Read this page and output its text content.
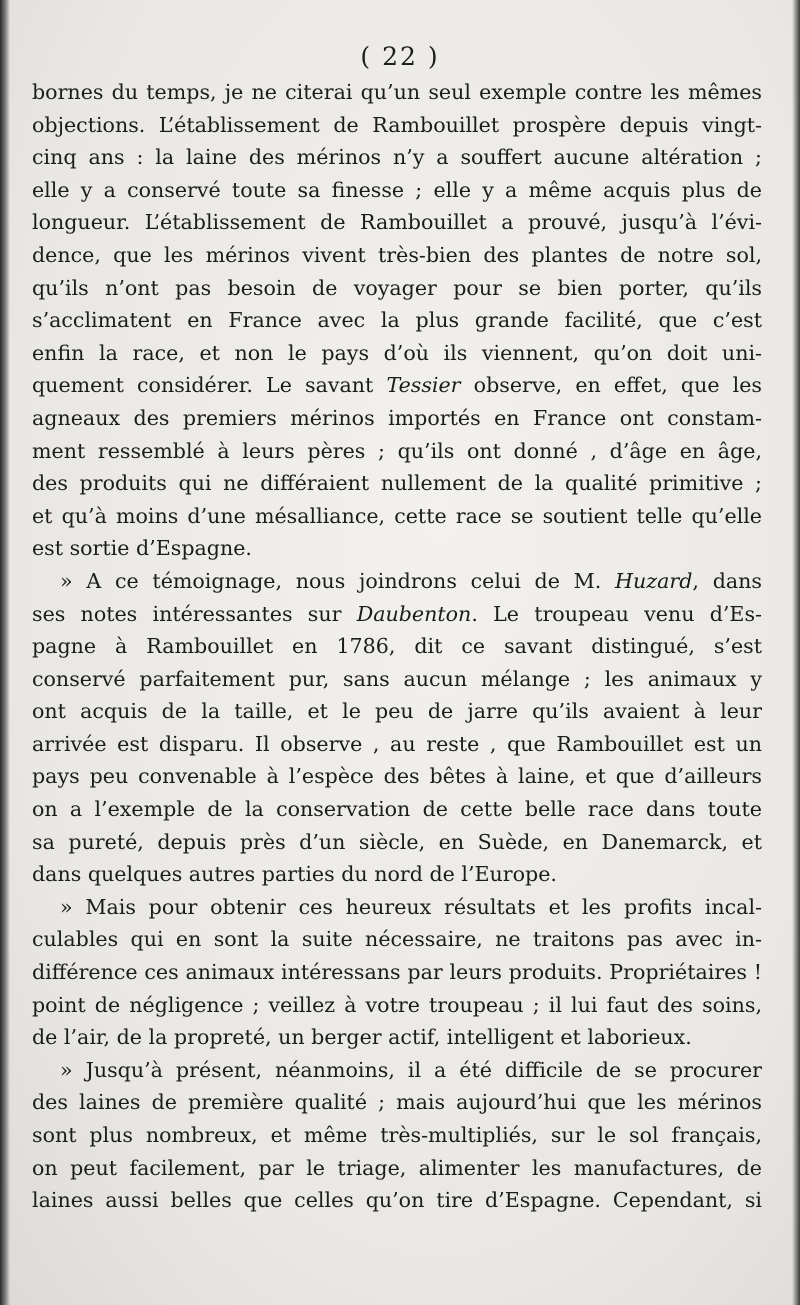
( 22 )
bornes du temps, je ne citerai qu’un seul exemple contre les mêmes
objections. L’établissement de Rambouillet prospère depuis vingt-
cinq ans : la laine des mérinos n’y a souffert aucune altération ;
elle y a conservé toute sa finesse ; elle y a même acquis plus de
longueur. L’établissement de Rambouillet a prouvé, jusqu’à l’évi-
dence, que les mérinos vivent très-bien des plantes de notre sol,
qu’ils n’ont pas besoin de voyager pour se bien porter, qu’ils
s’acclimatent en France avec la plus grande facilité, que c’est
enfin la race, et non le pays d’où ils viennent, qu’on doit uni-
quement considérer. Le savant Tessier observe, en effet, que les
agneaux des premiers mérinos importés en France ont constam-
ment ressemblé à leurs pères ; qu’ils ont donné , d’âge en âge,
des produits qui ne différaient nullement de la qualité primitive ;
et qu’à moins d’une mésalliance, cette race se soutient telle qu’elle
est sortie d’Espagne.
» A ce témoignage, nous joindrons celui de M. Huzard, dans
ses notes intéressantes sur Daubenton. Le troupeau venu d’Es-
pagne à Rambouillet en 1786, dit ce savant distingué, s’est
conservé parfaitement pur, sans aucun mélange ; les animaux y
ont acquis de la taille, et le peu de jarre qu’ils avaient à leur
arrivée est disparu. Il observe , au reste , que Rambouillet est un
pays peu convenable à l’espèce des bêtes à laine, et que d’ailleurs
on a l’exemple de la conservation de cette belle race dans toute
sa pureté, depuis près d’un siècle, en Suède, en Danemarck, et
dans quelques autres parties du nord de l’Europe.
» Mais pour obtenir ces heureux résultats et les profits incal-
culables qui en sont la suite nécessaire, ne traitons pas avec in-
différence ces animaux intéressans par leurs produits. Propriétaires !
point de négligence ; veillez à votre troupeau ; il lui faut des soins,
de l’air, de la propreté, un berger actif, intelligent et laborieux.
» Jusqu’à présent, néanmoins, il a été difficile de se procurer
des laines de première qualité ; mais aujourd’hui que les mérinos
sont plus nombreux, et même très-multipliés, sur le sol français,
on peut facilement, par le triage, alimenter les manufactures, de
laines aussi belles que celles qu’on tire d’Espagne. Cependant, si
